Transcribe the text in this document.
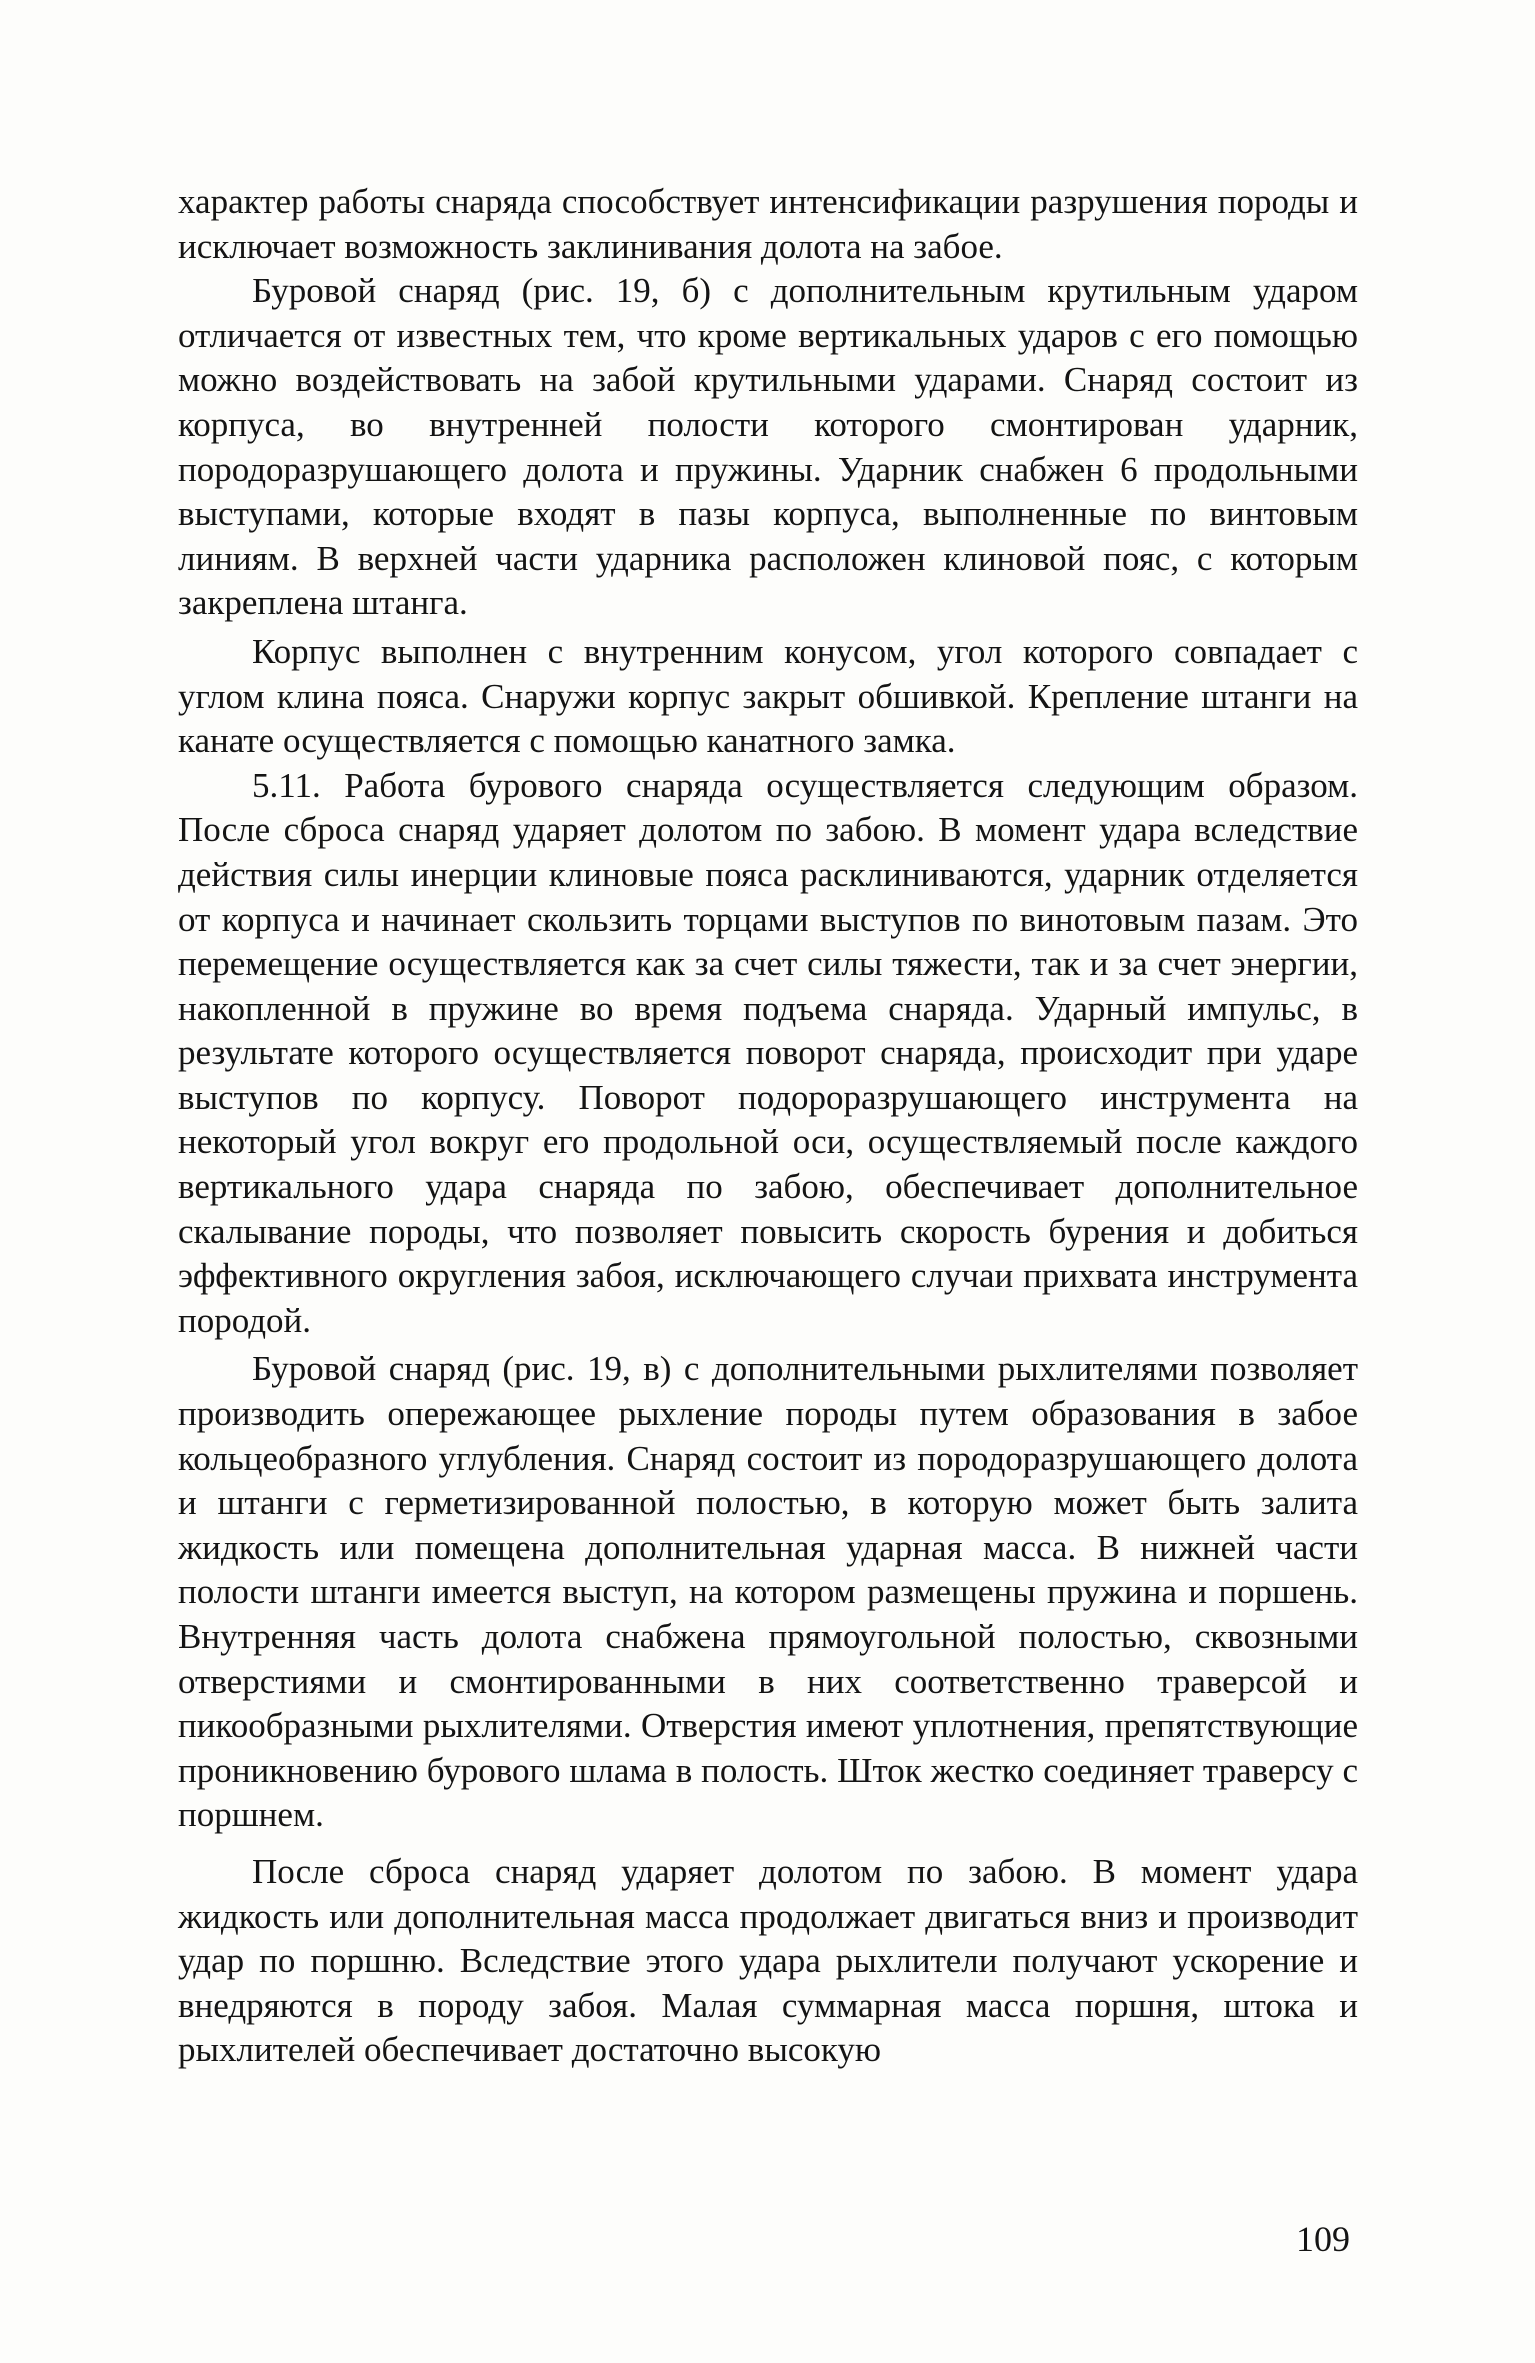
характер работы снаряда способствует интенсификации разрушения породы и исключает возможность заклинивания долота на забое.

Буровой снаряд (рис. 19, б) с дополнительным крутильным ударом отличается от известных тем, что кроме вертикальных ударов с его помощью можно воздействовать на забой крутильными ударами. Снаряд состоит из корпуса, во внутренней полости которого смонтирован ударник, породоразрушающего долота и пружины. Ударник снабжен 6 продольными выступами, которые входят в пазы корпуса, выполненные по винтовым линиям. В верхней части ударника расположен клиновой пояс, с которым закреплена штанга.

Корпус выполнен с внутренним конусом, угол которого совпадает с углом клина пояса. Снаружи корпус закрыт обшивкой. Крепление штанги на канате осуществляется с помощью канатного замка.

5.11. Работа бурового снаряда осуществляется следующим образом. После сброса снаряд ударяет долотом по забою. В момент удара вследствие действия силы инерции клиновые пояса расклиниваются, ударник отделяется от корпуса и начинает скользить торцами выступов по винотовым пазам. Это перемещение осуществляется как за счет силы тяжести, так и за счет энергии, накопленной в пружине во время подъема снаряда. Ударный импульс, в результате которого осуществляется поворот снаряда, происходит при ударе выступов по корпусу. Поворот подороразрушающего инструмента на некоторый угол вокруг его продольной оси, осуществляемый после каждого вертикального удара снаряда по забою, обеспечивает дополнительное скалывание породы, что позволяет повысить скорость бурения и добиться эффективного округления забоя, исключающего случаи прихвата инструмента породой.

Буровой снаряд (рис. 19, в) с дополнительными рыхлителями позволяет производить опережающее рыхление породы путем образования в забое кольцеобразного углубления. Снаряд состоит из породоразрушающего долота и штанги с герметизированной полостью, в которую может быть залита жидкость или помещена дополнительная ударная масса. В нижней части полости штанги имеется выступ, на котором размещены пружина и поршень. Внутренняя часть долота снабжена прямоугольной полостью, сквозными отверстиями и смонтированными в них соответственно траверсой и пикообразными рыхлителями. Отверстия имеют уплотнения, препятствующие проникновению бурового шлама в полость. Шток жестко соединяет траверсу с поршнем.

После сброса снаряд ударяет долотом по забою. В момент удара жидкость или дополнительная масса продолжает двигаться вниз и производит удар по поршню. Вследствие этого удара рыхлители получают ускорение и внедряются в породу забоя. Малая суммарная масса поршня, штока и рыхлителей обеспечивает достаточно высокую

109
